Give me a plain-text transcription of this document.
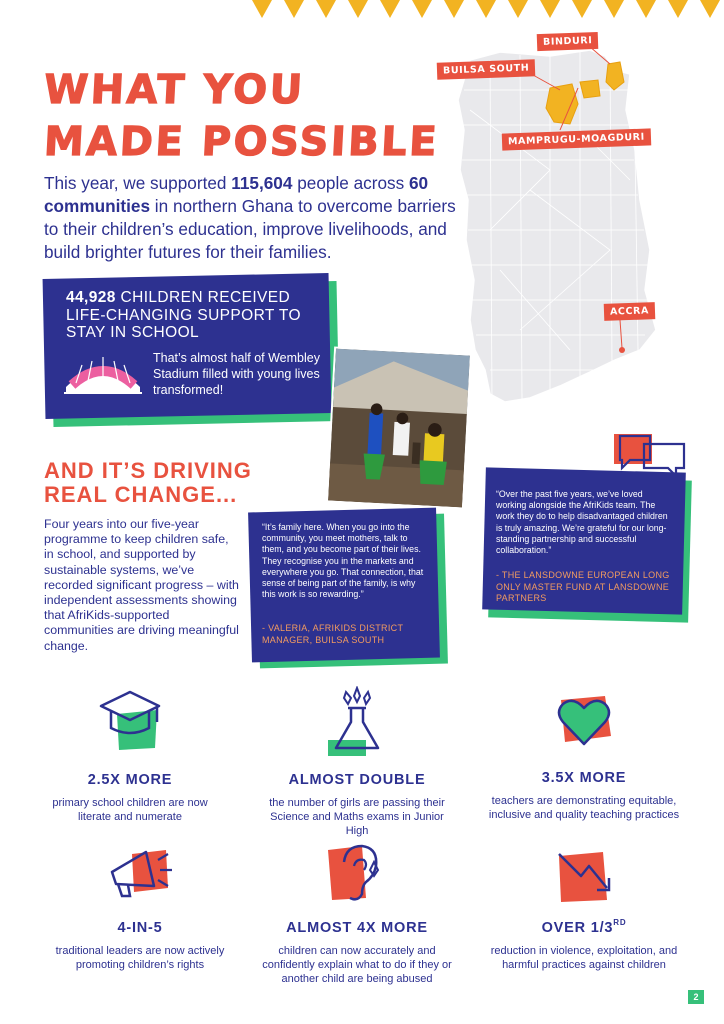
BINDURI
BUILSA SOUTH
MAMPRUGU-MOAGDURI
ACCRA
WHAT YOU
MADE POSSIBLE
This year, we supported 115,604 people across 60 communities in northern Ghana to overcome barriers to their children’s education, improve livelihoods, and build brighter futures for their families.
44,928 CHILDREN RECEIVED LIFE-CHANGING SUPPORT TO STAY IN SCHOOL
That’s almost half of Wembley Stadium filled with young lives transformed!
AND IT’S DRIVING
REAL CHANGE...
Four years into our five-year programme to keep children safe, in school, and supported by sustainable systems, we’ve recorded significant progress – with independent assessments showing that AfriKids-supported communities are driving meaningful change.
“It’s family here. When you go into the community, you meet mothers, talk to them, and you become part of their lives. They recognise you in the markets and everywhere you go. That connection, that sense of being part of the family, is why this work is so rewarding.”
- VALERIA, AFRIKIDS DISTRICT MANAGER, BUILSA SOUTH
“Over the past five years, we’ve loved working alongside the AfriKids team. The work they do to help disadvantaged children is truly amazing. We’re grateful for our long-standing partnership and successful collaboration.”
- THE LANSDOWNE EUROPEAN LONG ONLY MASTER FUND AT LANSDOWNE PARTNERS
2.5X MORE
primary school children are now literate and numerate
ALMOST DOUBLE
the number of girls are passing their Science and Maths exams in Junior High
3.5X MORE
teachers are demonstrating equitable, inclusive and quality teaching practices
4-IN-5
traditional leaders are now actively promoting children’s rights
ALMOST 4X MORE
children can now accurately and confidently explain what to do if they or another child are being abused
OVER 1/3RD
reduction in violence, exploitation, and harmful practices against children
2
